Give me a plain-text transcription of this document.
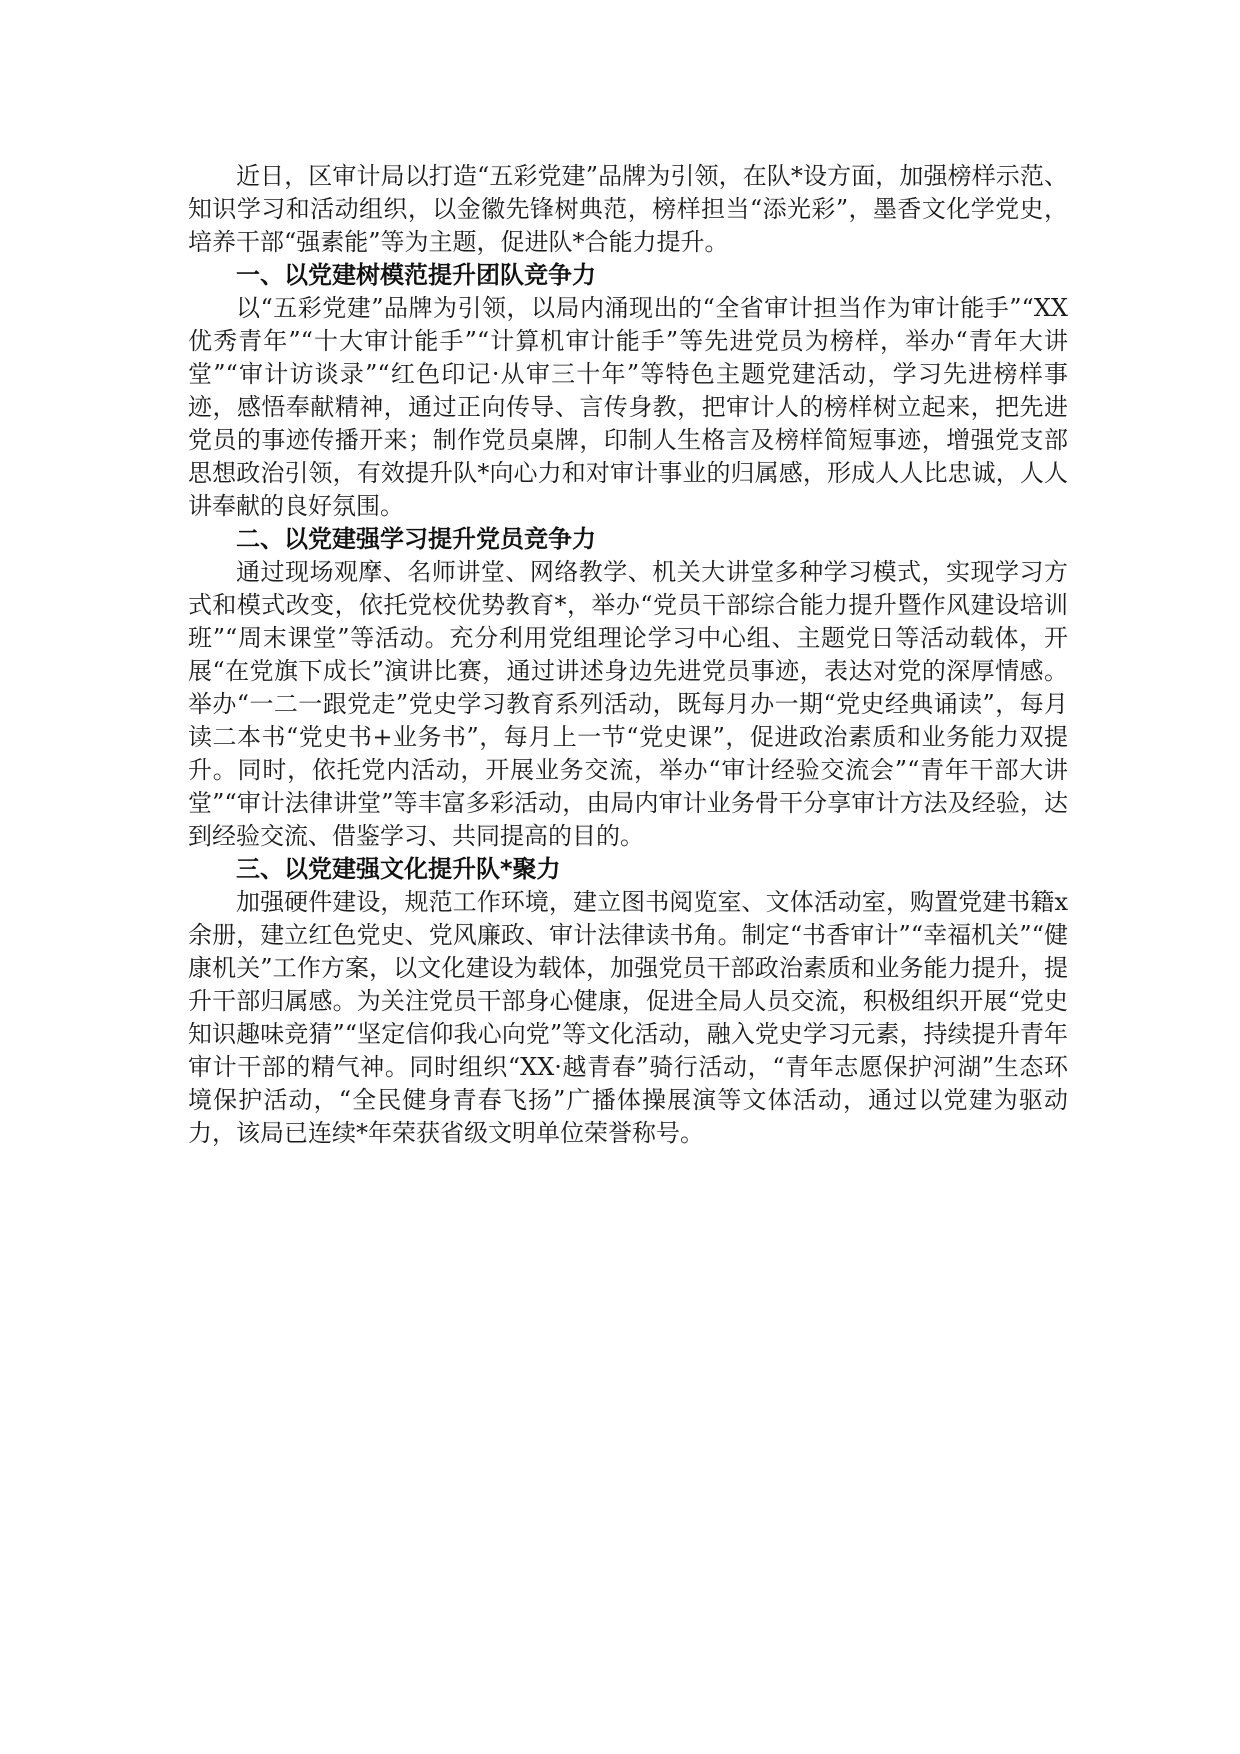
近日，区审计局以打造“五彩党建”品牌为引领，在队*设方面，加强榜样示范、知识学习和活动组织，以金徽先锋树典范，榜样担当“添光彩”，墨香文化学党史，培养干部“强素能”等为主题，促进队*合能力提升。

一、以党建树模范提升团队竞争力

以“五彩党建”品牌为引领，以局内涌现出的“全省审计担当作为审计能手”“XX优秀青年”“十大审计能手”“计算机审计能手”等先进党员为榜样，举办“青年大讲堂”“审计访谈录”“红色印记·从审三十年”等特色主题党建活动，学习先进榜样事迹，感悟奉献精神，通过正向传导、言传身教，把审计人的榜样树立起来，把先进党员的事迹传播开来；制作党员桌牌，印制人生格言及榜样简短事迹，增强党支部思想政治引领，有效提升队*向心力和对审计事业的归属感，形成人人比忠诚，人人讲奉献的良好氛围。

二、以党建强学习提升党员竞争力

通过现场观摩、名师讲堂、网络教学、机关大讲堂多种学习模式，实现学习方式和模式改变，依托党校优势教育*，举办“党员干部综合能力提升暨作风建设培训班”“周末课堂”等活动。充分利用党组理论学习中心组、主题党日等活动载体，开展“在党旗下成长”演讲比赛，通过讲述身边先进党员事迹，表达对党的深厚情感。举办“一二一跟党走”党史学习教育系列活动，既每月办一期“党史经典诵读”，每月读二本书“党史书+业务书”，每月上一节“党史课”，促进政治素质和业务能力双提升。同时，依托党内活动，开展业务交流，举办“审计经验交流会”“青年干部大讲堂”“审计法律讲堂”等丰富多彩活动，由局内审计业务骨干分享审计方法及经验，达到经验交流、借鉴学习、共同提高的目的。

三、以党建强文化提升队*聚力

加强硬件建设，规范工作环境，建立图书阅览室、文体活动室，购置党建书籍x余册，建立红色党史、党风廉政、审计法律读书角。制定“书香审计”“幸福机关”“健康机关”工作方案，以文化建设为载体，加强党员干部政治素质和业务能力提升，提升干部归属感。为关注党员干部身心健康，促进全局人员交流，积极组织开展“党史知识趣味竞猜”“坚定信仰我心向党”等文化活动，融入党史学习元素，持续提升青年审计干部的精气神。同时组织“XX·越青春”骑行活动，“青年志愿保护河湖”生态环境保护活动，“全民健身青春飞扬”广播体操展演等文体活动，通过以党建为驱动力，该局已连续*年荣获省级文明单位荣誉称号。
